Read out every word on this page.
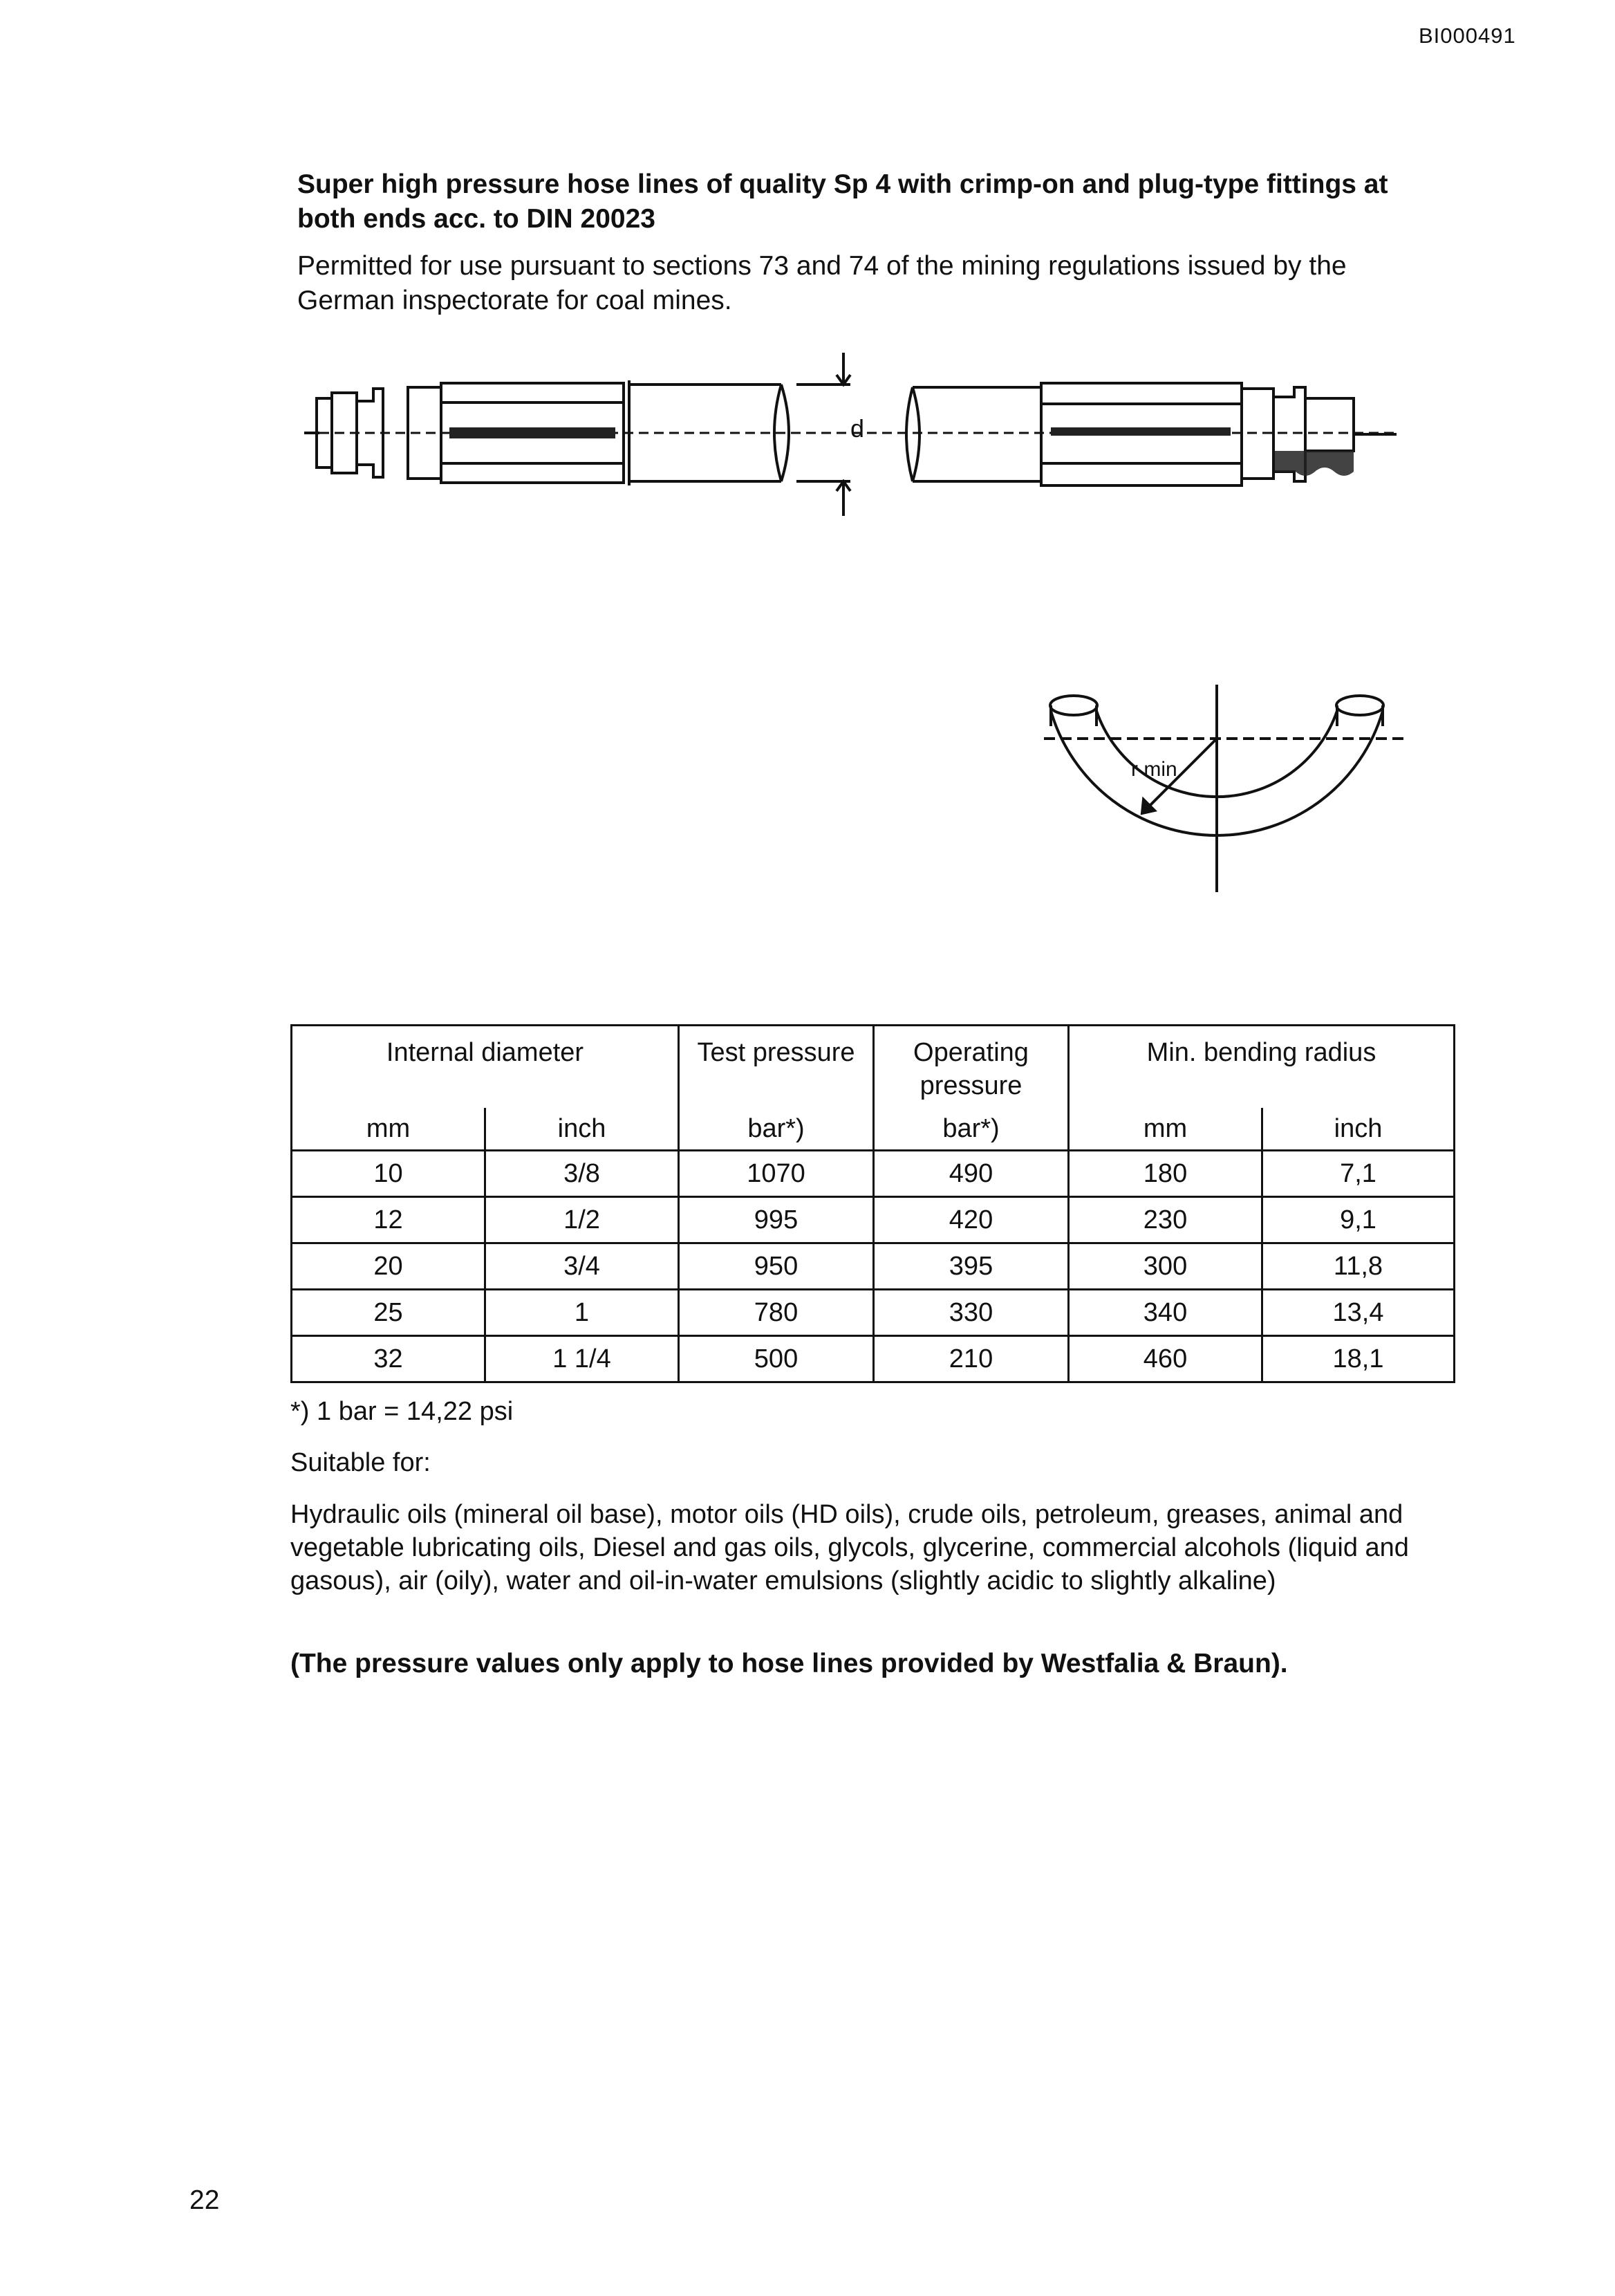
BI000491

Super high pressure hose lines of quality Sp 4 with crimp-on and plug-type fittings at both ends acc. to DIN 20023

Permitted for use pursuant to sections 73 and 74 of the mining regulations issued by the German inspectorate for coal mines.

d
r min
Internal diameter		Test pressure	Operating pressure	Min. bending radius	
mm	inch	bar*)	bar*)	mm	inch
10	3/8	1070	490	180	7,1
12	1/2	995	420	230	9,1
20	3/4	950	395	300	11,8
25	1	780	330	340	13,4
32	1 1/4	500	210	460	18,1

*) 1 bar = 14,22 psi

Suitable for:

Hydraulic oils (mineral oil base), motor oils (HD oils), crude oils, petroleum, greases, animal and vegetable lubricating oils, Diesel and gas oils, glycols, glycerine, commercial alcohols (liquid and gasous), air (oily), water and oil-in-water emulsions (slightly acidic to slightly alkaline)

(The pressure values only apply to hose lines provided by Westfalia & Braun).

22
